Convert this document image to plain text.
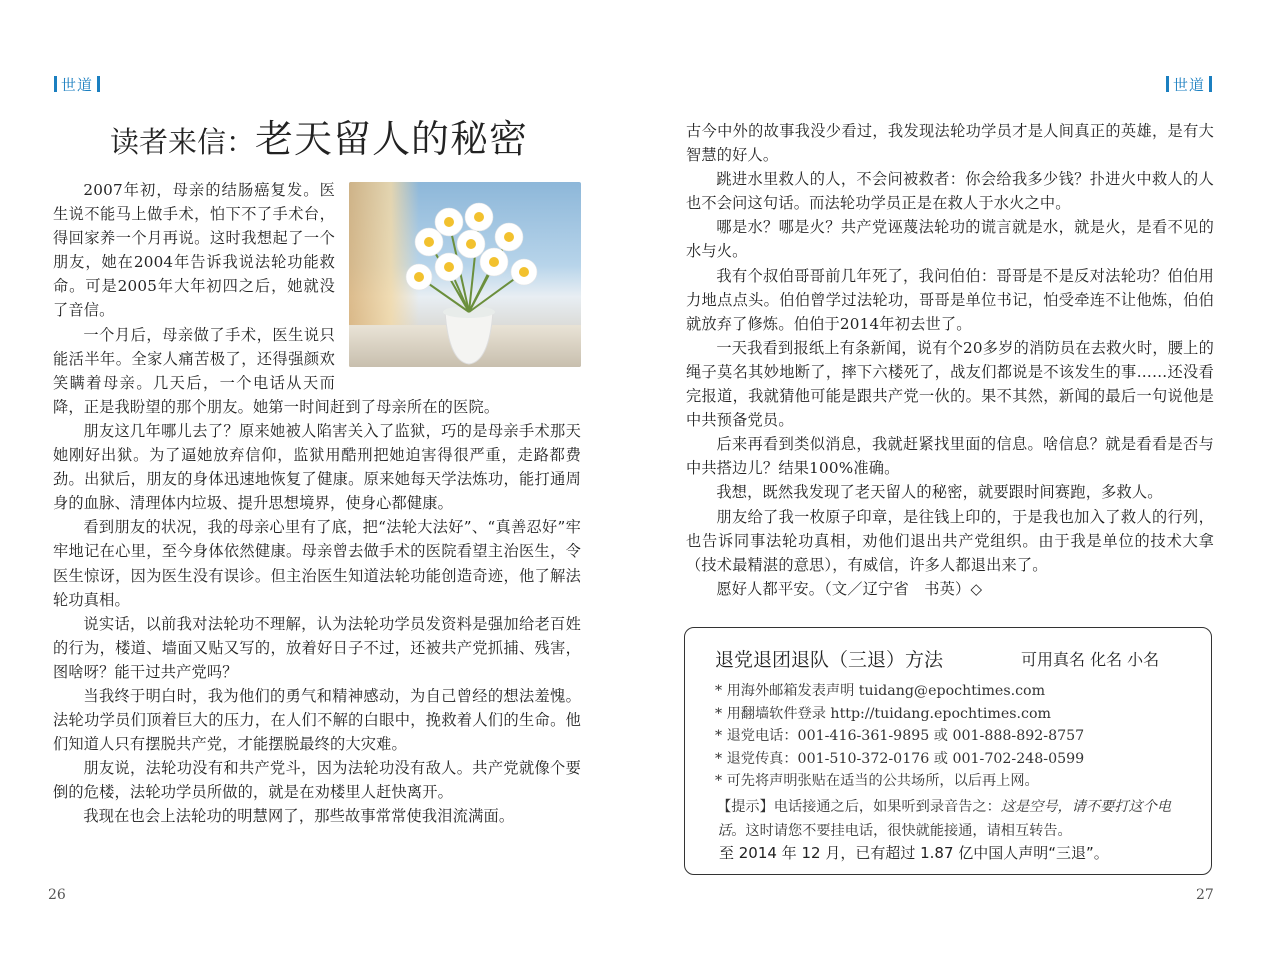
世道	世道
读者来信：老天留人的秘密

2007年初，母亲的结肠癌复发。医生说不能马上做手术，怕下不了手术台，得回家养一个月再说。这时我想起了一个朋友，她在2004年告诉我说法轮功能救命。可是2005年大年初四之后，她就没了音信。

一个月后，母亲做了手术，医生说只能活半年。全家人痛苦极了，还得强颜欢笑瞒着母亲。几天后，一个电话从天而降，正是我盼望的那个朋友。她第一时间赶到了母亲所在的医院。

朋友这几年哪儿去了？原来她被人陷害关入了监狱，巧的是母亲手术那天她刚好出狱。为了逼她放弃信仰，监狱用酷刑把她迫害得很严重，走路都费劲。出狱后，朋友的身体迅速地恢复了健康。原来她每天学法炼功，能打通周身的血脉、清理体内垃圾、提升思想境界，使身心都健康。

看到朋友的状况，我的母亲心里有了底，把“法轮大法好”、“真善忍好”牢牢地记在心里，至今身体依然健康。母亲曾去做手术的医院看望主治医生，令医生惊讶，因为医生没有误诊。但主治医生知道法轮功能创造奇迹，他了解法轮功真相。

说实话，以前我对法轮功不理解，认为法轮功学员发资料是强加给老百姓的行为，楼道、墙面又贴又写的，放着好日子不过，还被共产党抓捕、残害，图啥呀？能干过共产党吗？

当我终于明白时，我为他们的勇气和精神感动，为自己曾经的想法羞愧。法轮功学员们顶着巨大的压力，在人们不解的白眼中，挽救着人们的生命。他们知道人只有摆脱共产党，才能摆脱最终的大灾难。

朋友说，法轮功没有和共产党斗，因为法轮功没有敌人。共产党就像个要倒的危楼，法轮功学员所做的，就是在劝楼里人赶快离开。

我现在也会上法轮功的明慧网了，那些故事常常使我泪流满面。

古今中外的故事我没少看过，我发现法轮功学员才是人间真正的英雄，是有大智慧的好人。

跳进水里救人的人，不会问被救者：你会给我多少钱？扑进火中救人的人也不会问这句话。而法轮功学员正是在救人于水火之中。

哪是水？哪是火？共产党诬蔑法轮功的谎言就是水，就是火，是看不见的水与火。

我有个叔伯哥哥前几年死了，我问伯伯：哥哥是不是反对法轮功？伯伯用力地点点头。伯伯曾学过法轮功，哥哥是单位书记，怕受牵连不让他炼，伯伯就放弃了修炼。伯伯于2014年初去世了。

一天我看到报纸上有条新闻，说有个20多岁的消防员在去救火时，腰上的绳子莫名其妙地断了，摔下六楼死了，战友们都说是不该发生的事……还没看完报道，我就猜他可能是跟共产党一伙的。果不其然，新闻的最后一句说他是中共预备党员。

后来再看到类似消息，我就赶紧找里面的信息。啥信息？就是看看是否与中共搭边儿？结果100%准确。

我想，既然我发现了老天留人的秘密，就要跟时间赛跑，多救人。

朋友给了我一枚原子印章，是往钱上印的，于是我也加入了救人的行列，也告诉同事法轮功真相，劝他们退出共产党组织。由于我是单位的技术大拿（技术最精湛的意思），有威信，许多人都退出来了。

愿好人都平安。（文／辽宁省　书英）◇

退党退团退队（三退）方法	可用真名 化名 小名
* 用海外邮箱发表声明 tuidang@epochtimes.com
* 用翻墙软件登录 http://tuidang.epochtimes.com
* 退党电话：001-416-361-9895 或 001-888-892-8757
* 退党传真：001-510-372-0176 或 001-702-248-0599
* 可先将声明张贴在适当的公共场所，以后再上网。
【提示】电话接通之后，如果听到录音告之：这是空号，请不要打这个电话。这时请您不要挂电话，很快就能接通，请相互转告。
至 2014 年 12 月，已有超过 1.87 亿中国人声明“三退”。
26	27
